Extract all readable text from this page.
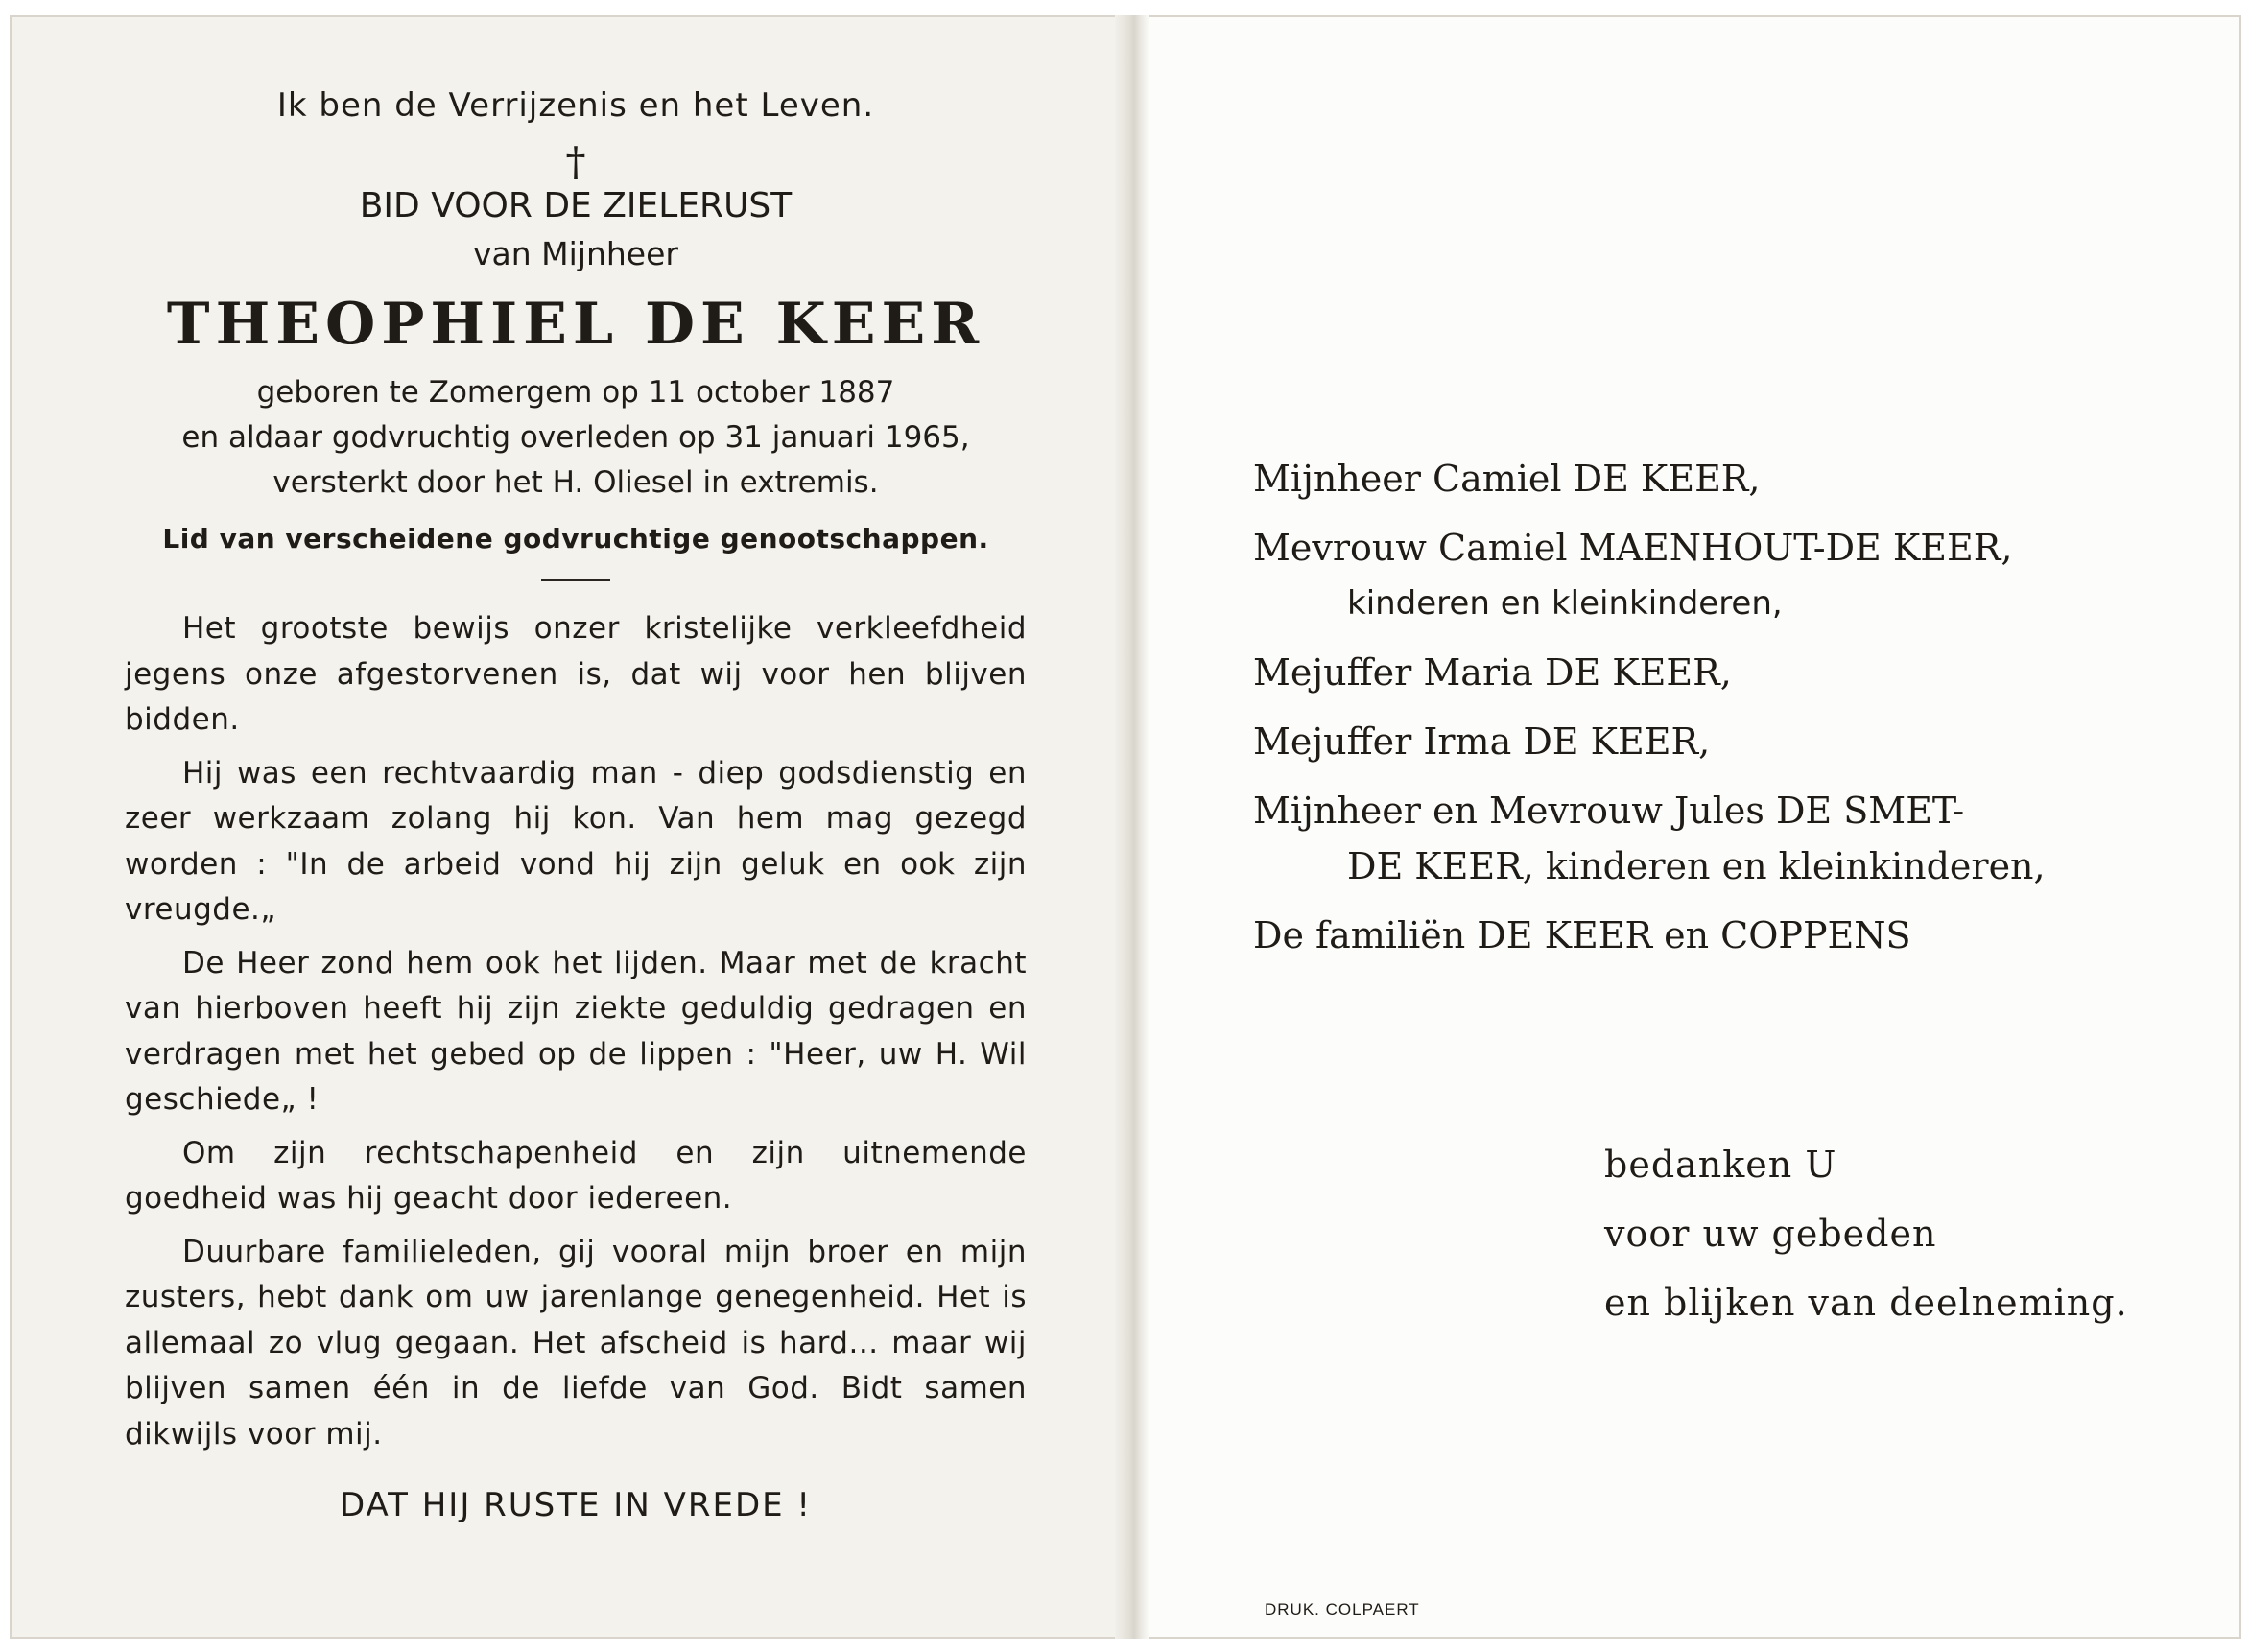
Ik ben de Verrijzenis en het Leven.

†

BID VOOR DE ZIELERUST

van Mijnheer

THEOPHIEL DE KEER

geboren te Zomergem op 11 october 1887

en aldaar godvruchtig overleden op 31 januari 1965,

versterkt door het H. Oliesel in extremis.

Lid van verscheidene godvruchtige genootschappen.

Het grootste bewijs onzer kristelijke verkleefdheid jegens onze afgestorvenen is, dat wij voor hen blijven bidden.

Hij was een rechtvaardig man - diep godsdienstig en zeer werkzaam zolang hij kon. Van hem mag gezegd worden : "In de arbeid vond hij zijn geluk en ook zijn vreugde.„

De Heer zond hem ook het lijden. Maar met de kracht van hierboven heeft hij zijn ziekte geduldig gedragen en verdragen met het gebed op de lippen : "Heer, uw H. Wil geschiede„ !

Om zijn rechtschapenheid en zijn uitnemende goedheid was hij geacht door iedereen.

Duurbare familieleden, gij vooral mijn broer en mijn zusters, hebt dank om uw jarenlange genegenheid. Het is allemaal zo vlug gegaan. Het afscheid is hard... maar wij blijven samen één in de liefde van God. Bidt samen dikwijls voor mij.

DAT HIJ RUSTE IN VREDE !

Mijnheer Camiel DE KEER,

Mevrouw Camiel MAENHOUT-DE KEER,
kinderen en kleinkinderen,

Mejuffer Maria DE KEER,

Mejuffer Irma DE KEER,

Mijnheer en Mevrouw Jules DE SMET-
DE KEER, kinderen en kleinkinderen,

De familiën DE KEER en COPPENS

bedanken U

voor uw gebeden

en blijken van deelneming.

DRUK. COLPAERT
